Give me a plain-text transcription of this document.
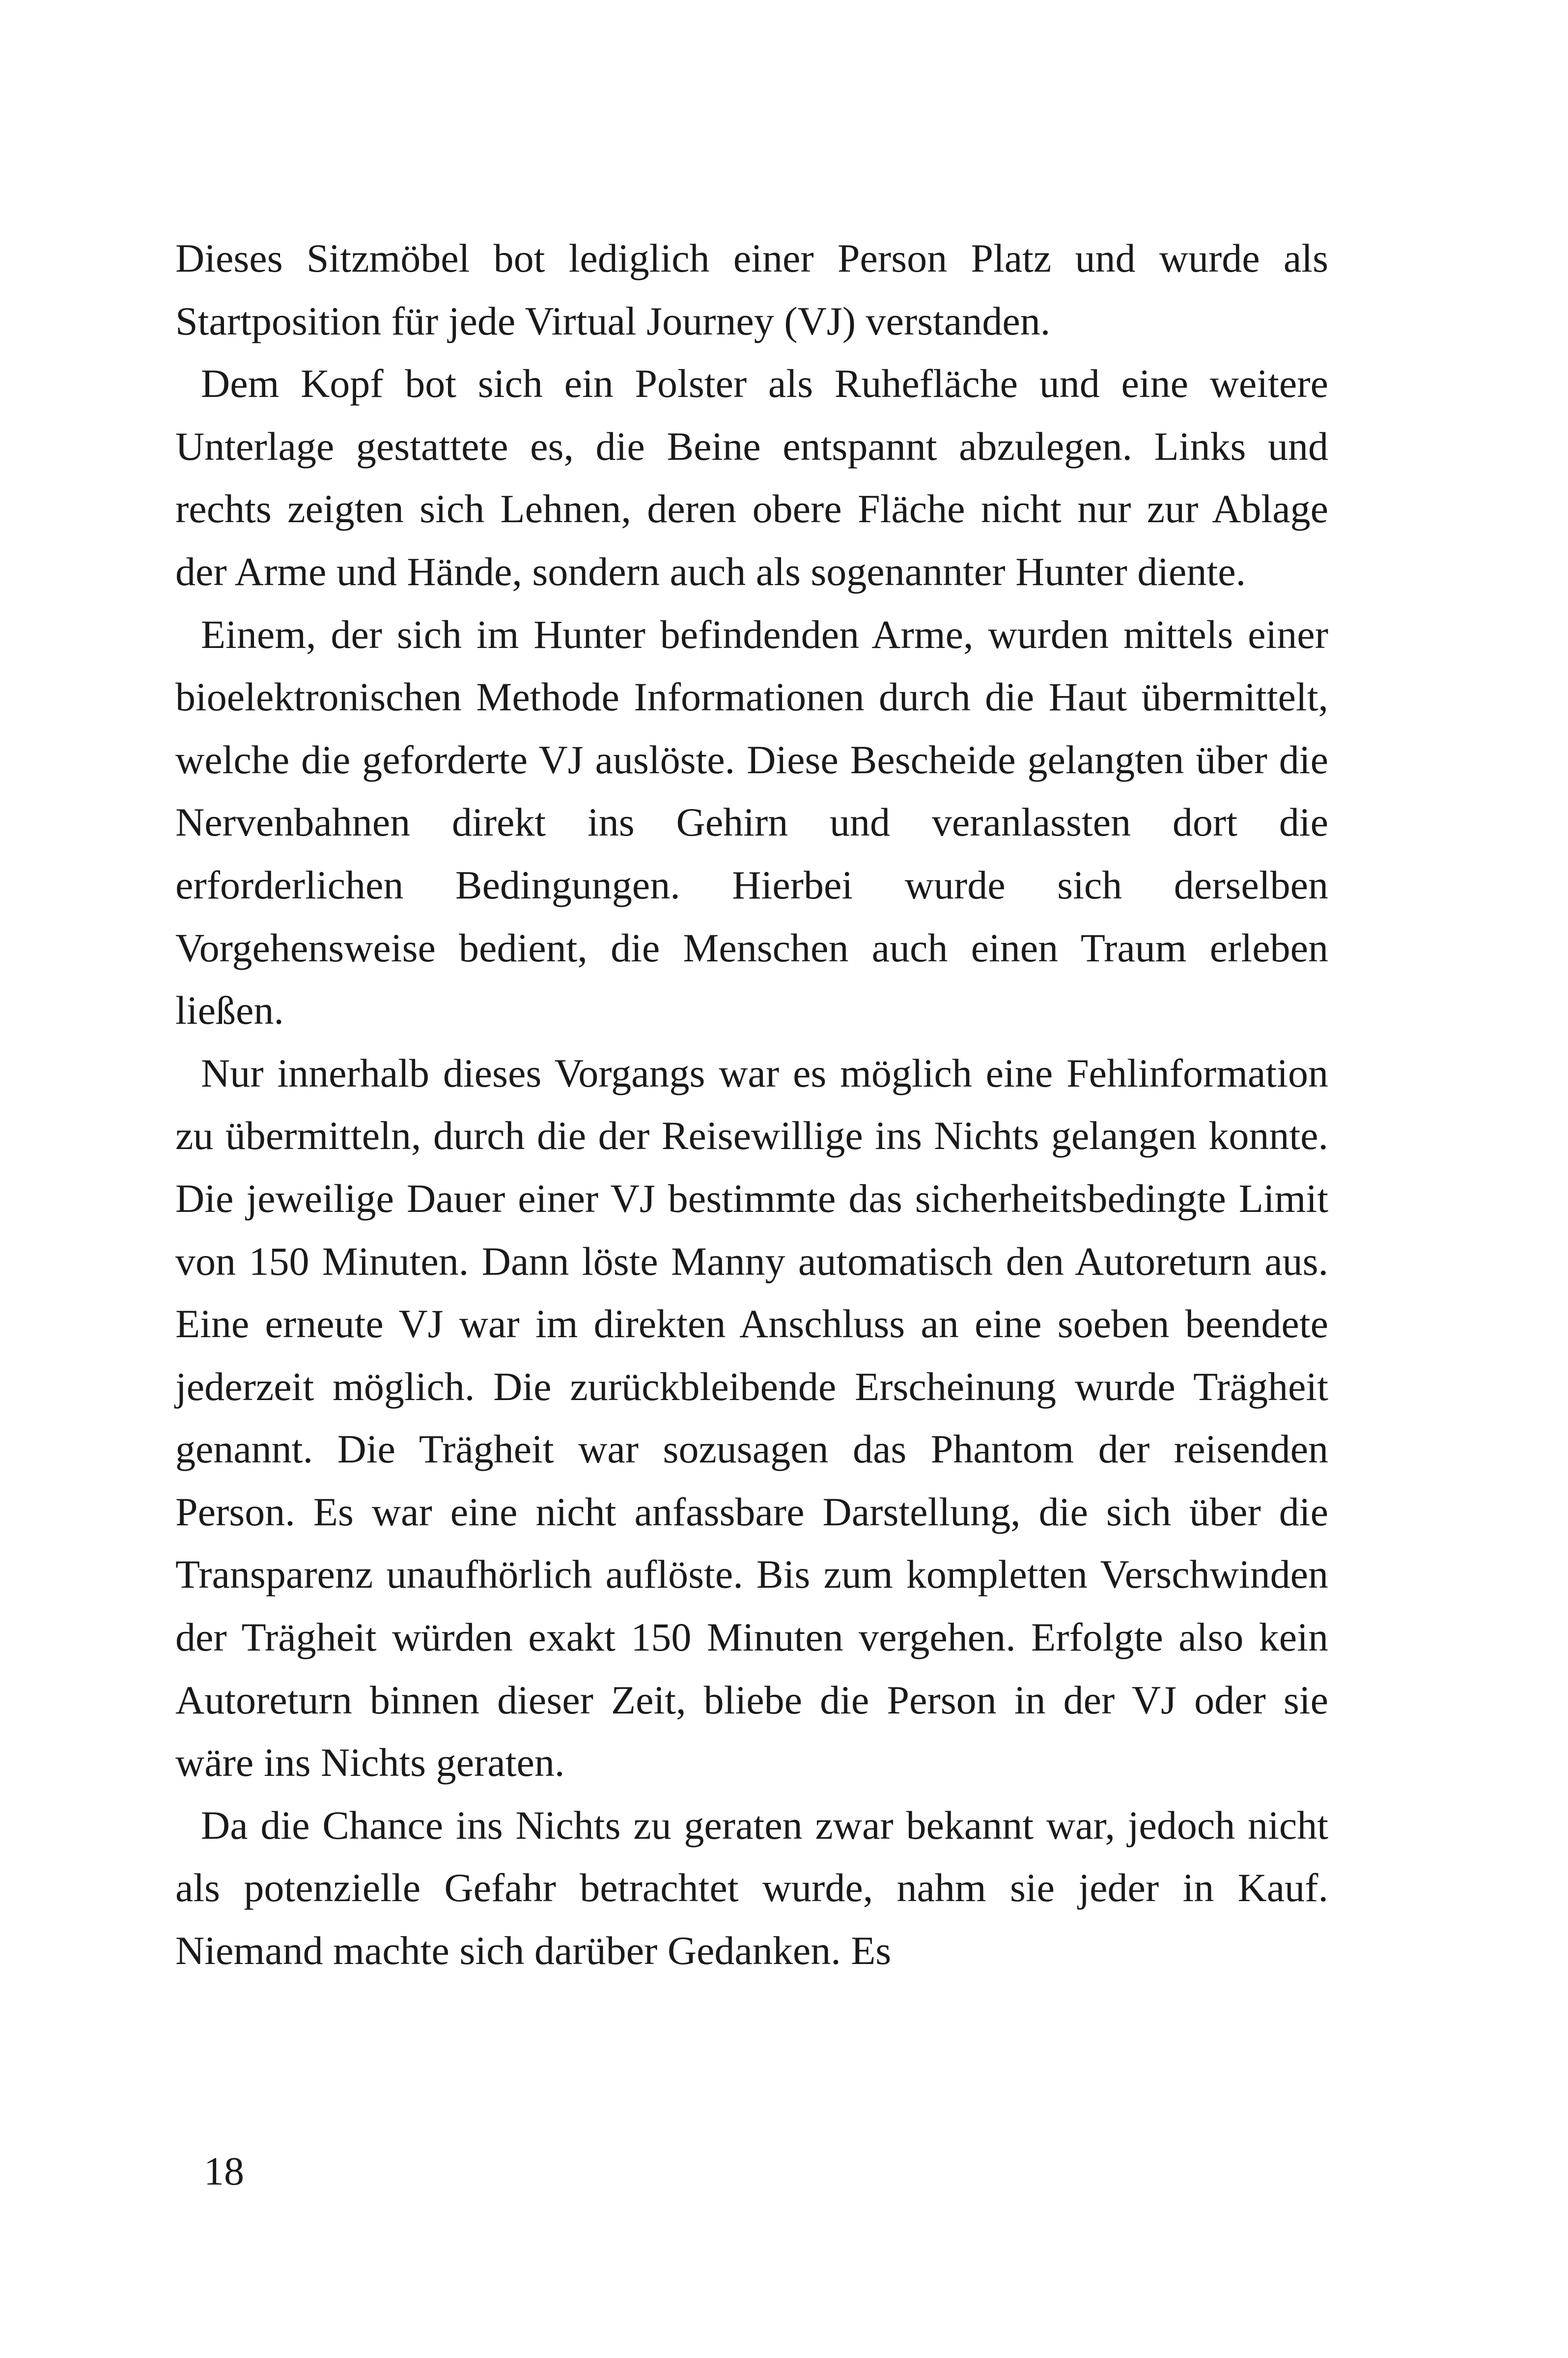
Dieses Sitzmöbel bot lediglich einer Person Platz und wurde als Startposition für jede Virtual Journey (VJ) verstanden.

Dem Kopf bot sich ein Polster als Ruhefläche und eine weitere Unterlage gestattete es, die Beine entspannt abzulegen. Links und rechts zeigten sich Lehnen, deren obere Fläche nicht nur zur Ablage der Arme und Hände, sondern auch als sogenannter Hunter diente.

Einem, der sich im Hunter befindenden Arme, wurden mittels einer bioelektronischen Methode Informationen durch die Haut übermittelt, welche die geforderte VJ auslöste. Diese Bescheide gelangten über die Nervenbahnen direkt ins Gehirn und veranlassten dort die erforderlichen Bedingungen. Hierbei wurde sich derselben Vorgehensweise bedient, die Menschen auch einen Traum erleben ließen.

Nur innerhalb dieses Vorgangs war es möglich eine Fehlinformation zu übermitteln, durch die der Reisewillige ins Nichts gelangen konnte. Die jeweilige Dauer einer VJ bestimmte das sicherheitsbedingte Limit von 150 Minuten. Dann löste Manny automatisch den Autoreturn aus. Eine erneute VJ war im direkten Anschluss an eine soeben beendete jederzeit möglich. Die zurückbleibende Erscheinung wurde Trägheit genannt. Die Trägheit war sozusagen das Phantom der reisenden Person. Es war eine nicht anfassbare Darstellung, die sich über die Transparenz unaufhörlich auflöste. Bis zum kompletten Verschwinden der Trägheit würden exakt 150 Minuten vergehen. Erfolgte also kein Autoreturn binnen dieser Zeit, bliebe die Person in der VJ oder sie wäre ins Nichts geraten.

Da die Chance ins Nichts zu geraten zwar bekannt war, jedoch nicht als potenzielle Gefahr betrachtet wurde, nahm sie jeder in Kauf. Niemand machte sich darüber Gedanken. Es

18
